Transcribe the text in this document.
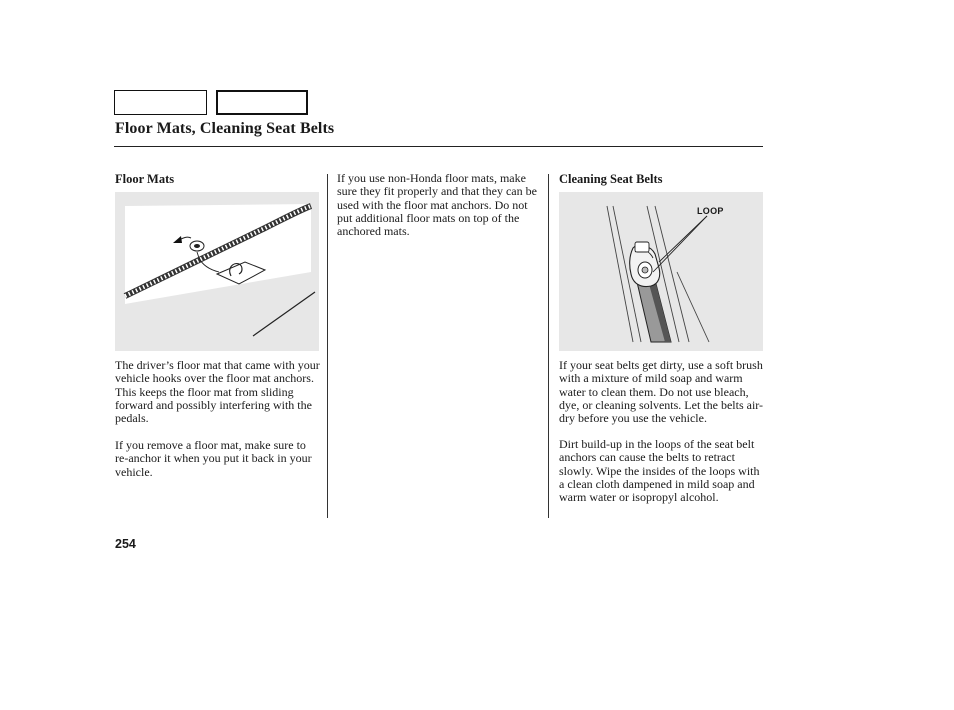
Floor Mats, Cleaning Seat Belts
Floor Mats

The driver’s floor mat that came with your vehicle hooks over the floor mat anchors. This keeps the floor mat from sliding forward and possibly interfering with the pedals.

If you remove a floor mat, make sure to re-anchor it when you put it back in your vehicle.

If you use non-Honda floor mats, make sure they fit properly and that they can be used with the floor mat anchors. Do not put additional floor mats on top of the anchored mats.

Cleaning Seat Belts
LOOP

If your seat belts get dirty, use a soft brush with a mixture of mild soap and warm water to clean them. Do not use bleach, dye, or cleaning solvents. Let the belts air-dry before you use the vehicle.

Dirt build-up in the loops of the seat belt anchors can cause the belts to retract slowly. Wipe the insides of the loops with a clean cloth dampened in mild soap and warm water or isopropyl alcohol.

254
